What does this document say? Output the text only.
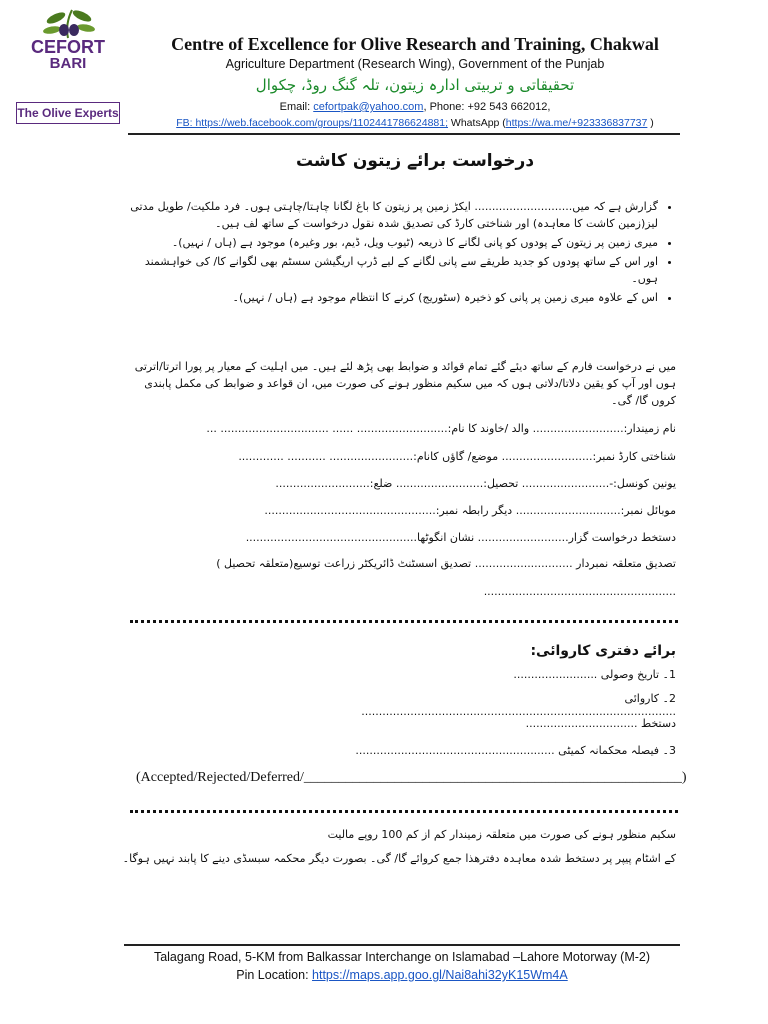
CEFORT
BARI
The Olive Experts
Centre of Excellence for Olive Research and Training, Chakwal
Agriculture Department (Research Wing), Government of the Punjab
تحقیقاتی و تربیتی ادارہ زیتون، تلہ گنگ روڈ، چکوال
Email: cefortpak@yahoo.com, Phone: +92 543 662012,
FB: https://web.facebook.com/groups/1102441786624881; WhatsApp (https://wa.me/+923336837737 )
درخواست برائے زیتون کاشت
• گزارش ہے کہ میں............................ ایکڑ زمین پر زیتون کا باغ لگانا چاہتا/چاہتی ہوں۔ فرد ملکیت/ طویل مدتی لیز(زمین کاشت کا معاہدہ) اور شناختی کارڈ کی تصدیق شدہ نقول درخواست کے ساتھ لف ہیں۔
• میری زمین پر زیتون کے پودوں کو پانی لگانے کا ذریعہ (ٹیوب ویل، ڈیم، بور وغیرہ) موجود ہے (ہاں / نہیں)۔
• اور اس کے ساتھ پودوں کو جدید طریقے سے پانی لگانے کے لیے ڈرپ اریگیشن سسٹم بھی لگوانے کا/ کی خواہشمند ہوں۔
• اس کے علاوہ میری زمین پر پانی کو ذخیرہ (سٹوریج) کرنے کا انتظام موجود ہے (ہاں / نہیں)۔
میں نے درخواست فارم کے ساتھ دیئے گئے تمام قوائد و ضوابط بھی پڑھ لئے ہیں۔ میں اہلیت کے معیار پر پورا اترتا/اترتی ہوں اور آپ کو یقین دلاتا/دلاتی ہوں کہ میں سکیم منظور ہونے کی صورت میں، ان قواعد و ضوابط کی مکمل پابندی کروں گا/ گی۔
نام زمیندار:.......................... والد /خاوند کا نام:.......................... ...... ............................... ...
شناختی کارڈ نمبر:.......................... موضع/ گاؤں کانام:........................ ........... .............
یونین کونسل:-......................... تحصیل:......................... ضلع:...........................
موبائل نمبر:.............................. دیگر رابطہ نمبر:.................................................
دستخط درخواست گزار.......................... نشان انگوٹھا.................................................
تصدیق متعلقہ نمبردار ............................ تصدیق اسسٹنٹ ڈائریکٹر زراعت توسیع(متعلقہ تحصیل )
.......................................................
برائے دفتری کاروائی:
1۔ تاریخ وصولی ........................
2۔ کاروائی ..........................................................................................
دستخط ................................
3۔ فیصلہ محکمانہ کمیٹی .........................................................
(Accepted/Rejected/Deferred/______________________________________________________)
سکیم منظور ہونے کی صورت میں متعلقہ زمیندار کم از کم 100 روپے مالیت
کے اشٹام پیپر پر دستخط شدہ معاہدہ دفترھذا جمع کروائے گا/ گی۔ بصورت دیگر محکمہ سبسڈی دینے کا پابند نہیں ہوگا۔
Talagang Road, 5-KM from Balkassar Interchange on Islamabad –Lahore Motorway (M-2)
Pin Location: https://maps.app.goo.gl/Nai8ahi32yK15Wm4A
